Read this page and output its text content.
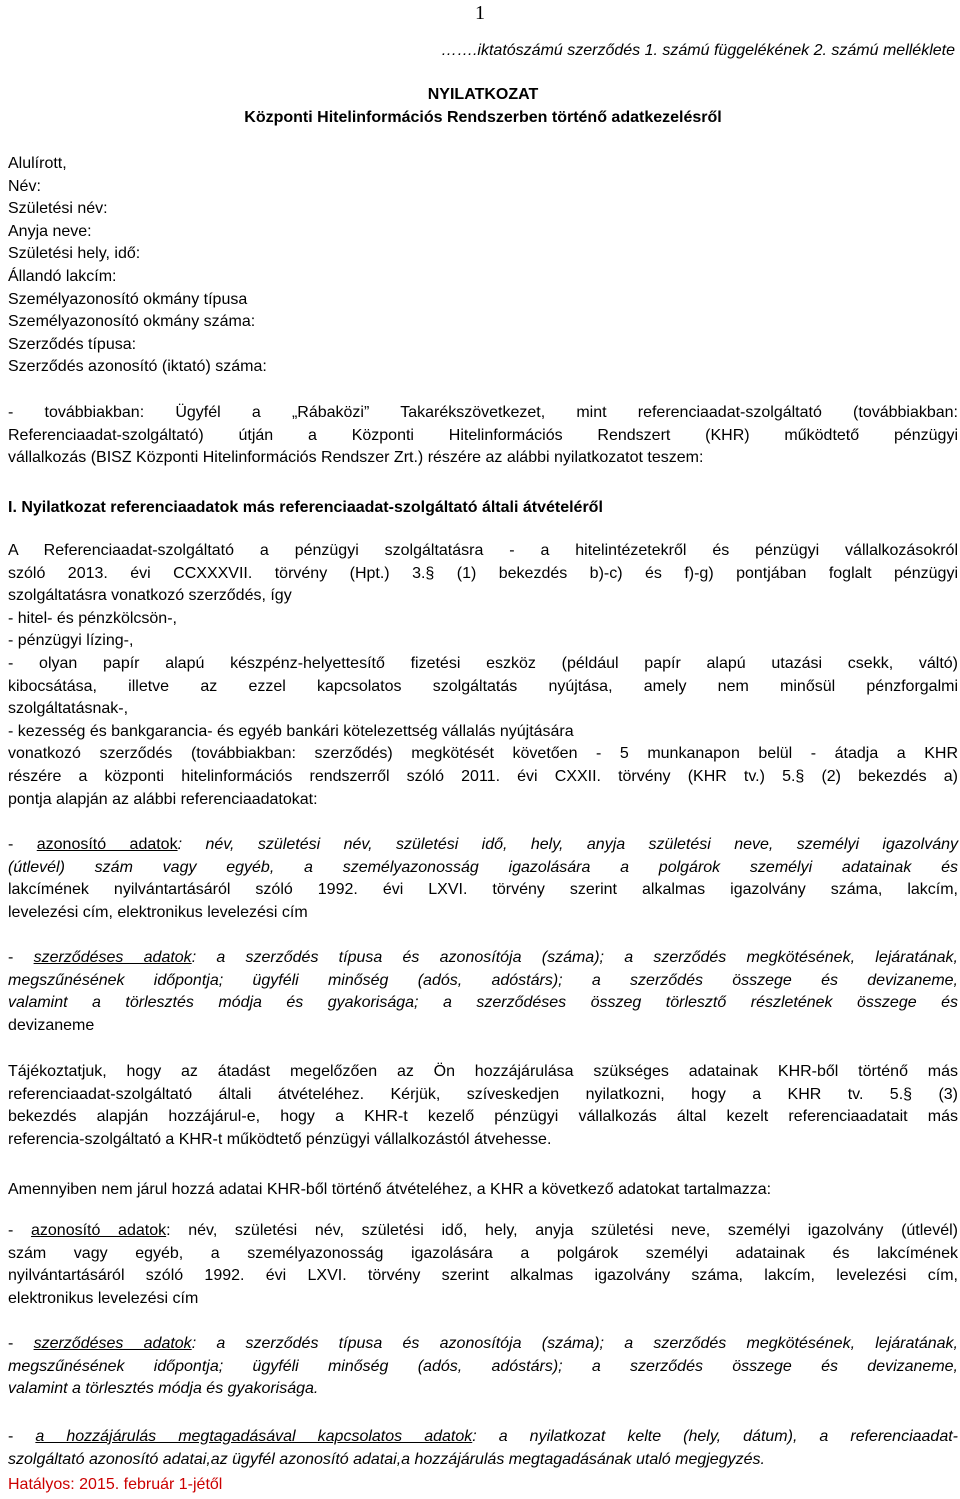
1
…….iktatószámú szerződés 1. számú függelékének 2. számú melléklete
NYILATKOZAT
Központi Hitelinformációs Rendszerben történő adatkezelésről
Alulírott,
Név:
Születési név:
Anyja neve:
Születési hely, idő:
Állandó lakcím:
Személyazonosító okmány típusa
Személyazonosító okmány száma:
Szerződés típusa:
Szerződés azonosító (iktató) száma:
- továbbiakban: Ügyfél a „Rábaközi” Takarékszövetkezet, mint referenciaadat-szolgáltató (továbbiakban:
Referenciaadat-szolgáltató) útján a Központi Hitelinformációs Rendszert (KHR) működtető pénzügyi
vállalkozás (BISZ Központi Hitelinformációs Rendszer Zrt.) részére az alábbi nyilatkozatot teszem:
I. Nyilatkozat referenciaadatok más referenciaadat-szolgáltató általi átvételéről
A Referenciaadat-szolgáltató a pénzügyi szolgáltatásra - a hitelintézetekről és pénzügyi vállalkozásokról
szóló 2013. évi CCXXXVII. törvény (Hpt.) 3.§ (1) bekezdés b)-c) és f)-g) pontjában foglalt pénzügyi
szolgáltatásra vonatkozó szerződés, így
- hitel- és pénzkölcsön-,
- pénzügyi lízing-,
- olyan papír alapú készpénz-helyettesítő fizetési eszköz (például papír alapú utazási csekk, váltó)
kibocsátása, illetve az ezzel kapcsolatos szolgáltatás nyújtása, amely nem minősül pénzforgalmi
szolgáltatásnak-,
- kezesség és bankgarancia- és egyéb bankári kötelezettség vállalás nyújtására
vonatkozó szerződés (továbbiakban: szerződés) megkötését követően - 5 munkanapon belül - átadja a KHR
részére a központi hitelinformációs rendszerről szóló 2011. évi CXXII. törvény (KHR tv.) 5.§ (2) bekezdés a)
pontja alapján az alábbi referenciaadatokat:
- azonosító adatok: név, születési név, születési idő, hely, anyja születési neve, személyi igazolvány
(útlevél) szám vagy egyéb, a személyazonosság igazolására a polgárok személyi adatainak és
lakcímének nyilvántartásáról szóló 1992. évi LXVI. törvény szerint alkalmas igazolvány száma, lakcím,
levelezési cím, elektronikus levelezési cím
- szerződéses adatok: a szerződés típusa és azonosítója (száma); a szerződés megkötésének, lejáratának,
megszűnésének időpontja; ügyféli minőség (adós, adóstárs); a szerződés összege és devizaneme,
valamint a törlesztés módja és gyakorisága; a szerződéses összeg törlesztő részletének összege és
devizaneme
Tájékoztatjuk, hogy az átadást megelőzően az Ön hozzájárulása szükséges adatainak KHR-ből történő más
referenciaadat-szolgáltató általi átvételéhez. Kérjük, szíveskedjen nyilatkozni, hogy a KHR tv. 5.§ (3)
bekezdés alapján hozzájárul-e, hogy a KHR-t kezelő pénzügyi vállalkozás által kezelt referenciaadatait más
referencia-szolgáltató a KHR-t működtető pénzügyi vállalkozástól átvehesse.
Amennyiben nem járul hozzá adatai KHR-ből történő átvételéhez, a KHR a következő adatokat tartalmazza:
- azonosító adatok: név, születési név, születési idő, hely, anyja születési neve, személyi igazolvány (útlevél)
szám vagy egyéb, a személyazonosság igazolására a polgárok személyi adatainak és lakcímének
nyilvántartásáról szóló 1992. évi LXVI. törvény szerint alkalmas igazolvány száma, lakcím, levelezési cím,
elektronikus levelezési cím
- szerződéses adatok: a szerződés típusa és azonosítója (száma); a szerződés megkötésének, lejáratának,
megszűnésének időpontja; ügyféli minőség (adós, adóstárs); a szerződés összege és devizaneme,
valamint a törlesztés módja és gyakorisága.
- a hozzájárulás megtagadásával kapcsolatos adatok: a nyilatkozat kelte (hely, dátum), a referenciaadat-
szolgáltató azonosító adatai,az ügyfél azonosító adatai,a hozzájárulás megtagadásának utaló megjegyzés.
Hatályos: 2015. február 1-jétől
